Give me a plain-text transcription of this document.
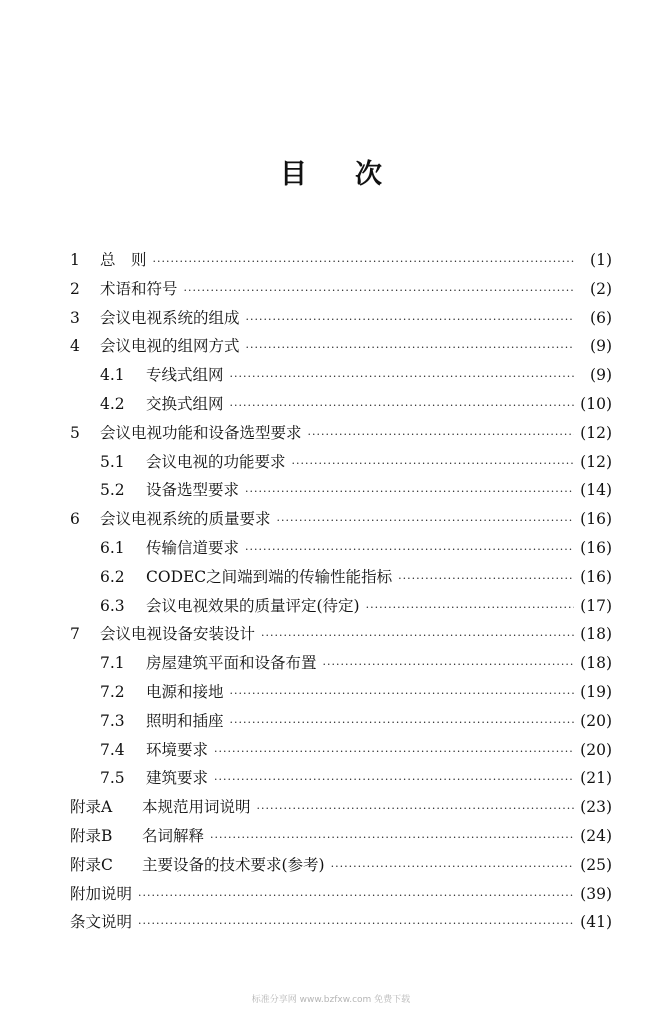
目 次
1	总　则 ·····	(1)
2	术语和符号 ·····	(2)
3	会议电视系统的组成 ·····	(6)
4	会议电视的组网方式 ·····	(9)
4.1	专线式组网 ·····	(9)
4.2	交换式组网 ·····	(10)
5	会议电视功能和设备选型要求 ·····	(12)
5.1	会议电视的功能要求 ·····	(12)
5.2	设备选型要求 ·····	(14)
6	会议电视系统的质量要求 ·····	(16)
6.1	传输信道要求 ·····	(16)
6.2	CODEC之间端到端的传输性能指标 ·····	(16)
6.3	会议电视效果的质量评定(待定) ·····	(17)
7	会议电视设备安装设计 ·····	(18)
7.1	房屋建筑平面和设备布置 ·····	(18)
7.2	电源和接地 ·····	(19)
7.3	照明和插座 ·····	(20)
7.4	环境要求 ·····	(20)
7.5	建筑要求 ·····	(21)
附录A	本规范用词说明 ·····	(23)
附录B	名词解释 ·····	(24)
附录C	主要设备的技术要求(参考) ·····	(25)
附加说明 ·····	(39)
条文说明 ·····	(41)
标准分享网 www.bzfxw.com 免费下载
